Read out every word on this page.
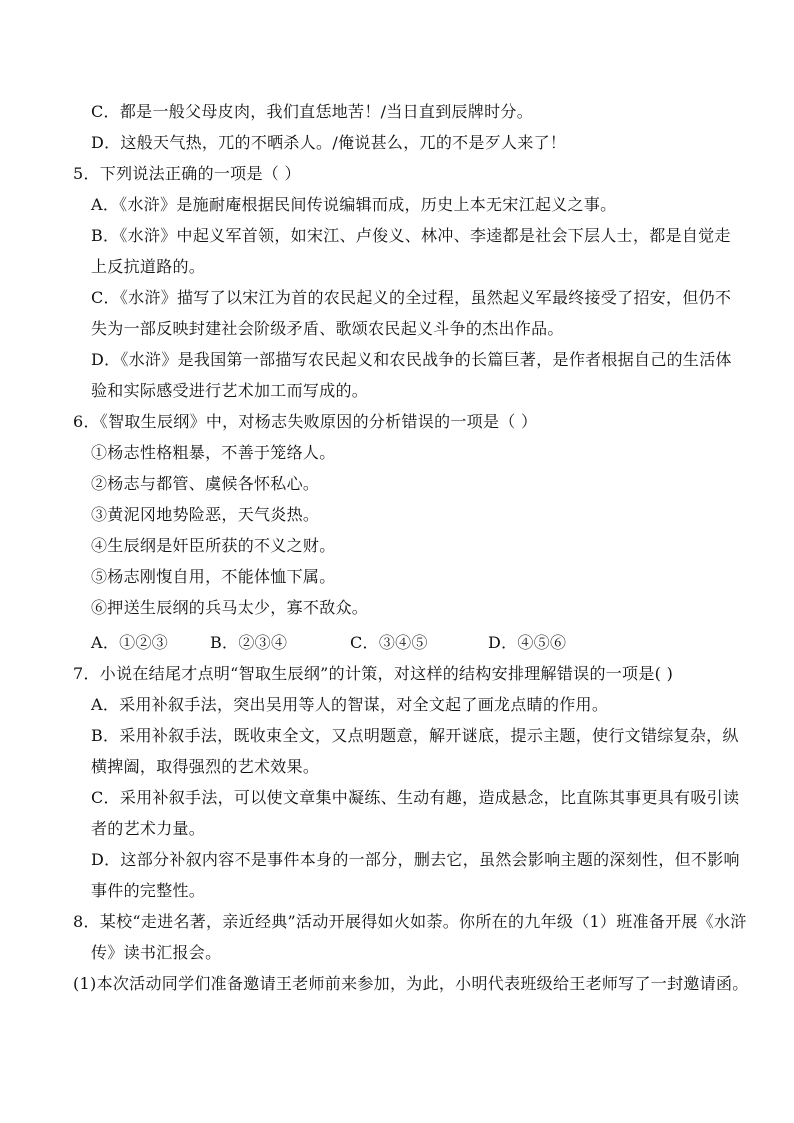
C．都是一般父母皮肉，我们直恁地苦！/当日直到辰牌时分。
D．这般天气热，兀的不晒杀人。/俺说甚么，兀的不是歹人来了！
5．下列说法正确的一项是（ ）
A．《水浒》是施耐庵根据民间传说编辑而成，历史上本无宋江起义之事。
B．《水浒》中起义军首领，如宋江、卢俊义、林冲、李逵都是社会下层人士，都是自觉走
上反抗道路的。
C．《水浒》描写了以宋江为首的农民起义的全过程，虽然起义军最终接受了招安，但仍不
失为一部反映封建社会阶级矛盾、歌颂农民起义斗争的杰出作品。
D．《水浒》是我国第一部描写农民起义和农民战争的长篇巨著，是作者根据自己的生活体
验和实际感受进行艺术加工而写成的。
6．《智取生辰纲》中，对杨志失败原因的分析错误的一项是（ ）
①杨志性格粗暴，不善于笼络人。
②杨志与都管、虞候各怀私心。
③黄泥冈地势险恶，天气炎热。
④生辰纲是奸臣所获的不义之财。
⑤杨志刚愎自用，不能体恤下属。
⑥押送生辰纲的兵马太少，寡不敌众。
A．①②③	B．②③④	C．③④⑤	D．④⑤⑥
7．小说在结尾才点明“智取生辰纲”的计策，对这样的结构安排理解错误的一项是( )
A．采用补叙手法，突出吴用等人的智谋，对全文起了画龙点睛的作用。
B．采用补叙手法，既收束全文，又点明题意，解开谜底，提示主题，使行文错综复杂，纵
横捭阖，取得强烈的艺术效果。
C．采用补叙手法，可以使文章集中凝练、生动有趣，造成悬念，比直陈其事更具有吸引读
者的艺术力量。
D．这部分补叙内容不是事件本身的一部分，删去它，虽然会影响主题的深刻性，但不影响
事件的完整性。
8．某校“走进名著，亲近经典”活动开展得如火如荼。你所在的九年级（1）班准备开展《水浒
传》读书汇报会。
(1)本次活动同学们准备邀请王老师前来参加，为此，小明代表班级给王老师写了一封邀请函。
